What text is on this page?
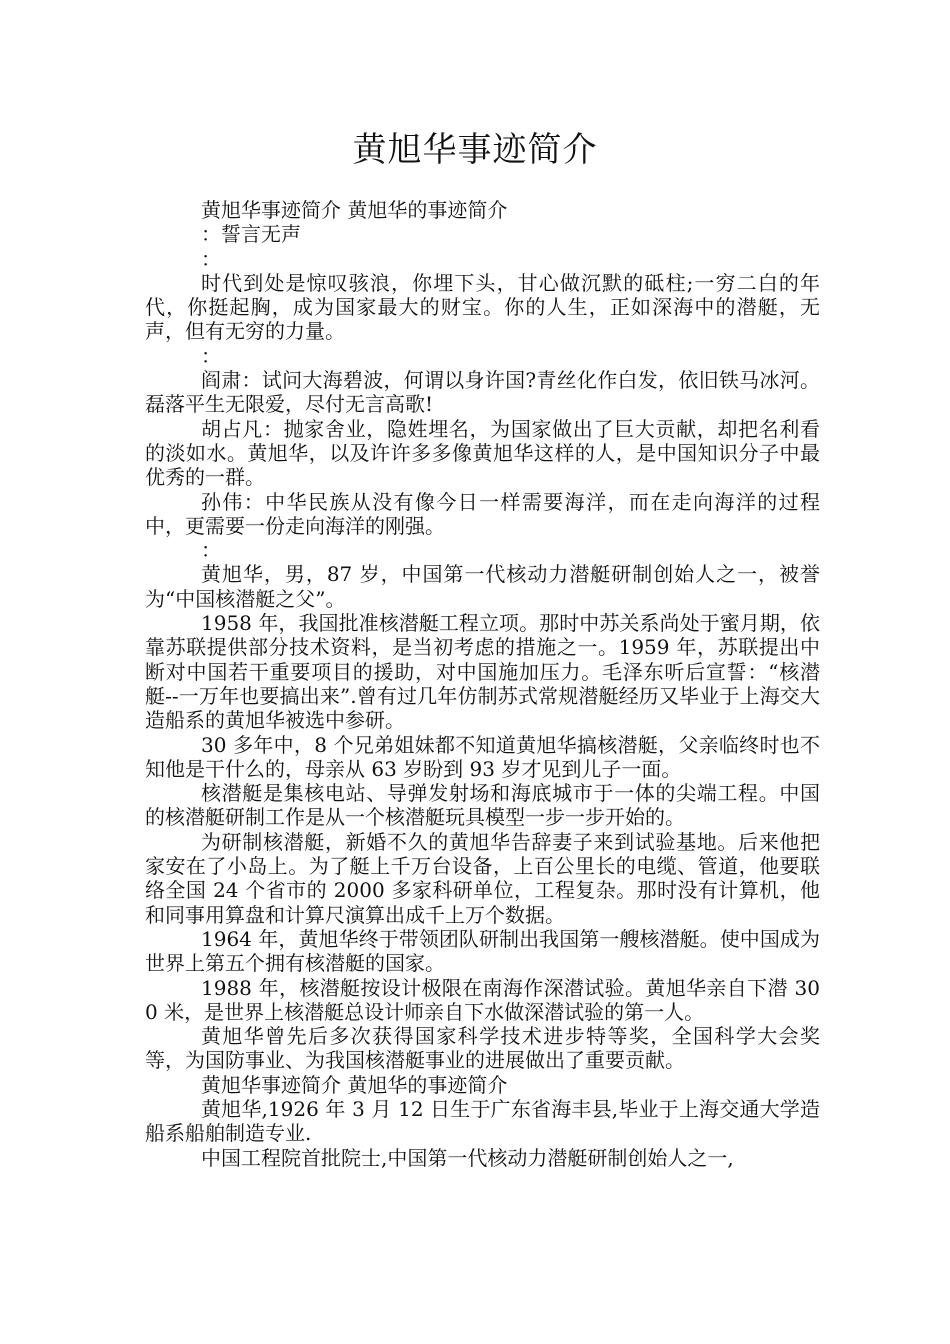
黄旭华事迹简介

黄旭华事迹简介 黄旭华的事迹简介

：誓言无声

：

时代到处是惊叹骇浪，你埋下头，甘心做沉默的砥柱;一穷二白的年代，你挺起胸，成为国家最大的财宝。你的人生，正如深海中的潜艇，无声，但有无穷的力量。

：

阎肃：试问大海碧波，何谓以身许国?青丝化作白发，依旧铁马冰河。磊落平生无限爱，尽付无言高歌!

胡占凡：抛家舍业，隐姓埋名，为国家做出了巨大贡献，却把名利看的淡如水。黄旭华，以及许许多多像黄旭华这样的人，是中国知识分子中最优秀的一群。

孙伟：中华民族从没有像今日一样需要海洋，而在走向海洋的过程中，更需要一份走向海洋的刚强。

：

黄旭华，男，87 岁，中国第一代核动力潜艇研制创始人之一，被誉为“中国核潜艇之父”。

1958 年，我国批准核潜艇工程立项。那时中苏关系尚处于蜜月期，依靠苏联提供部分技术资料，是当初考虑的措施之一。1959 年，苏联提出中断对中国若干重要项目的援助，对中国施加压力。毛泽东听后宣誓：“核潜艇--一万年也要搞出来”.曾有过几年仿制苏式常规潜艇经历又毕业于上海交大造船系的黄旭华被选中参研。

30 多年中，8 个兄弟姐妹都不知道黄旭华搞核潜艇，父亲临终时也不知他是干什么的，母亲从 63 岁盼到 93 岁才见到儿子一面。

核潜艇是集核电站、导弹发射场和海底城市于一体的尖端工程。中国的核潜艇研制工作是从一个核潜艇玩具模型一步一步开始的。

为研制核潜艇，新婚不久的黄旭华告辞妻子来到试验基地。后来他把家安在了小岛上。为了艇上千万台设备，上百公里长的电缆、管道，他要联络全国 24 个省市的 2000 多家科研单位，工程复杂。那时没有计算机，他和同事用算盘和计算尺演算出成千上万个数据。

1964 年，黄旭华终于带领团队研制出我国第一艘核潜艇。使中国成为世界上第五个拥有核潜艇的国家。

1988 年，核潜艇按设计极限在南海作深潜试验。黄旭华亲自下潜 300 米，是世界上核潜艇总设计师亲自下水做深潜试验的第一人。

黄旭华曾先后多次获得国家科学技术进步特等奖，全国科学大会奖等，为国防事业、为我国核潜艇事业的进展做出了重要贡献。

黄旭华事迹简介 黄旭华的事迹简介

黄旭华,1926 年 3 月 12 日生于广东省海丰县,毕业于上海交通大学造船系船舶制造专业.

中国工程院首批院士,中国第一代核动力潜艇研制创始人之一,
